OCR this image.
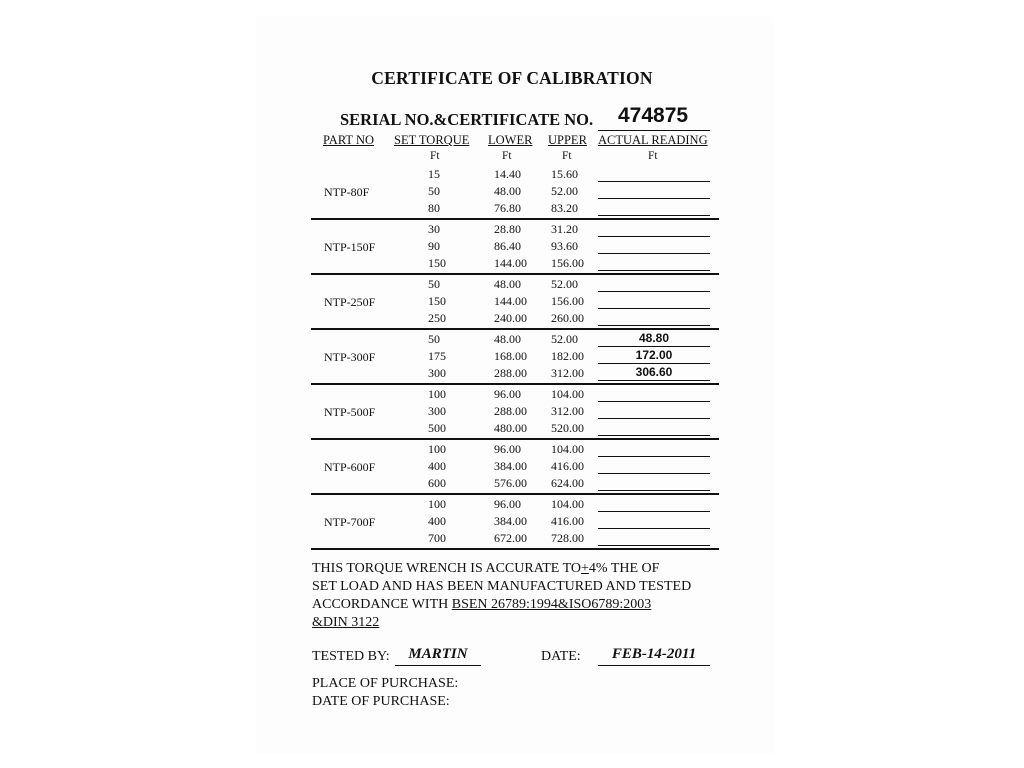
CERTIFICATE OF CALIBRATION
SERIAL NO.&CERTIFICATE NO. 474875
PART NO SET TORQUE LOWER UPPER ACTUAL READING
Ft	Ft	Ft	Ft
NTP-80F
15	14.40	15.60
50	48.00	52.00
80	76.80	83.20
NTP-150F
30	28.80	31.20
90	86.40	93.60
150	144.00 156.00
NTP-250F
50	48.00	52.00
150	144.00 156.00
250	240.00 260.00
NTP-300F
50	48.00	52.00	48.80
175	168.00 182.00	172.00
300	288.00 312.00	306.60
NTP-500F
100	96.00	104.00
300	288.00 312.00
500	480.00 520.00
NTP-600F
100	96.00	104.00
400	384.00 416.00
600	576.00 624.00
NTP-700F
100	96.00	104.00
400	384.00 416.00
700	672.00 728.00
THIS TORQUE WRENCH IS ACCURATE TO+4% THE OF
SET LOAD AND HAS BEEN MANUFACTURED AND TESTED
ACCORDANCE WITH BSEN 26789:1994&ISO6789:2003
&DIN 3122
TESTED BY:	MARTIN	DATE:	FEB-14-2011
PLACE OF PURCHASE:
DATE OF PURCHASE:
